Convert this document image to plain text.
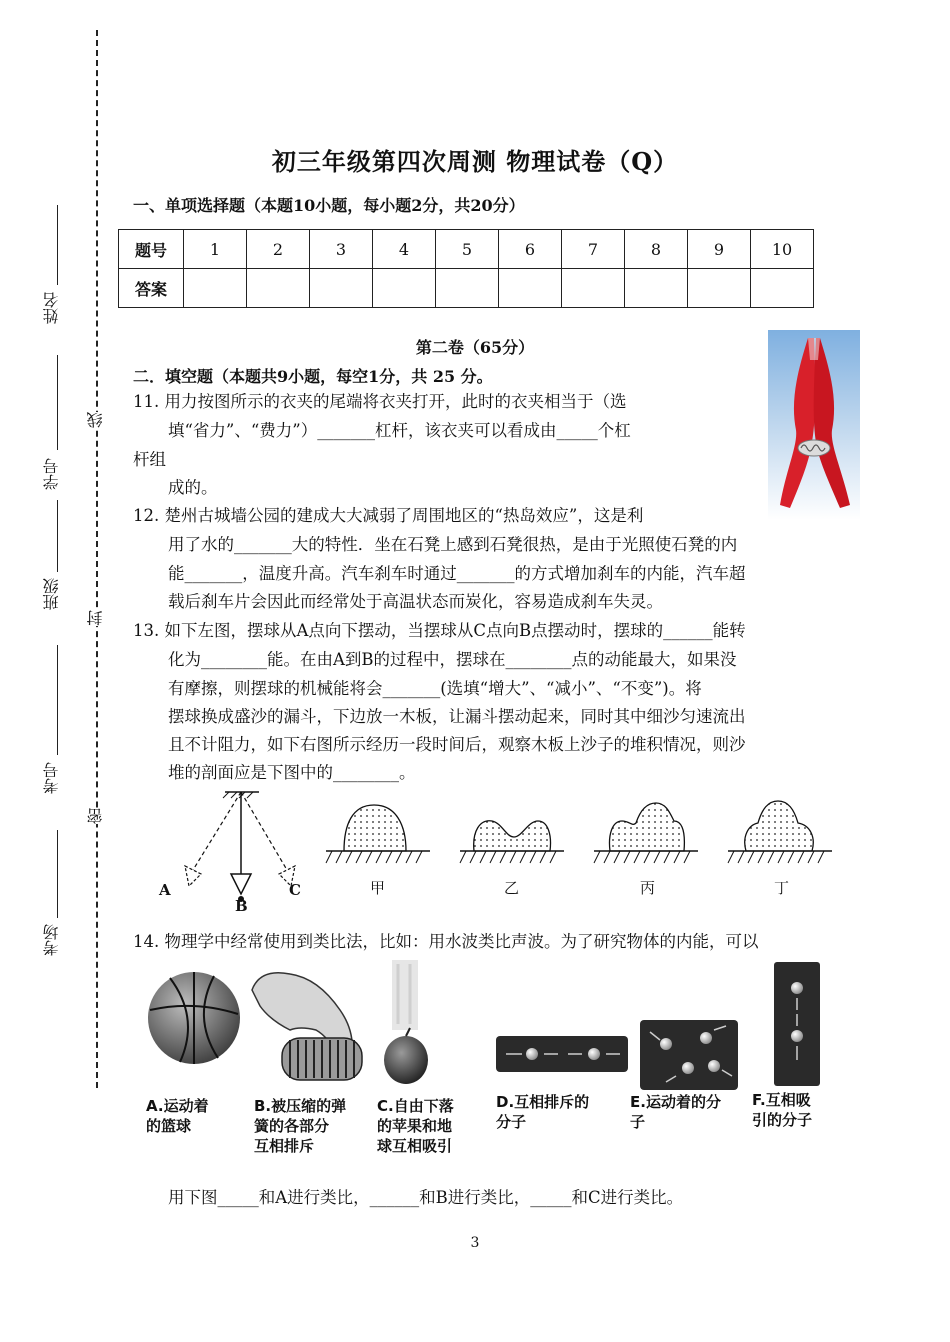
姓名
学号
班级
考号
考场
线
封
密
初三年级第四次周测 物理试卷（Q）
一、单项选择题（本题10小题，每小题2分，共20分）
题号	1	2	3	4	5	6	7	8	9	10
答案										
第二卷（65分）
二．填空题（本题共9小题，每空1分，共 25 分。
11. 用力按图所示的衣夹的尾端将衣夹打开，此时的衣夹相当于（选
填“省力”、“费力”）_______杠杆，该衣夹可以看成由_____个杠
杆组
成的。
12. 楚州古城墙公园的建成大大减弱了周围地区的“热岛效应”，这是利
用了水的_______大的特性．坐在石凳上感到石凳很热，是由于光照使石凳的内
能_______，温度升高。汽车刹车时通过_______的方式增加刹车的内能，汽车超
载后刹车片会因此而经常处于高温状态而炭化，容易造成刹车失灵。
13. 如下左图，摆球从A点向下摆动，当摆球从C点向B点摆动时，摆球的______能转
化为________能。在由A到B的过程中，摆球在________点的动能最大，如果没
有摩擦，则摆球的机械能将会_______(选填“增大”、“减小”、“不变”)。将
摆球换成盛沙的漏斗，下边放一木板，让漏斗摆动起来，同时其中细沙匀速流出
且不计阻力，如下右图所示经历一段时间后，观察木板上沙子的堆积情况，则沙
堆的剖面应是下图中的________。
A
B
C	甲	乙	丙	丁
14. 物理学中经常使用到类比法，比如：用水波类比声波。为了研究物体的内能，可以
A.运动着
的篮球
B.被压缩的弹
簧的各部分
互相排斥
C.自由下落
的苹果和地
球互相吸引
D.互相排斥的
分子
E.运动着的分
子
F.互相吸
引的分子
用下图_____和A进行类比，______和B进行类比，_____和C进行类比。
3
